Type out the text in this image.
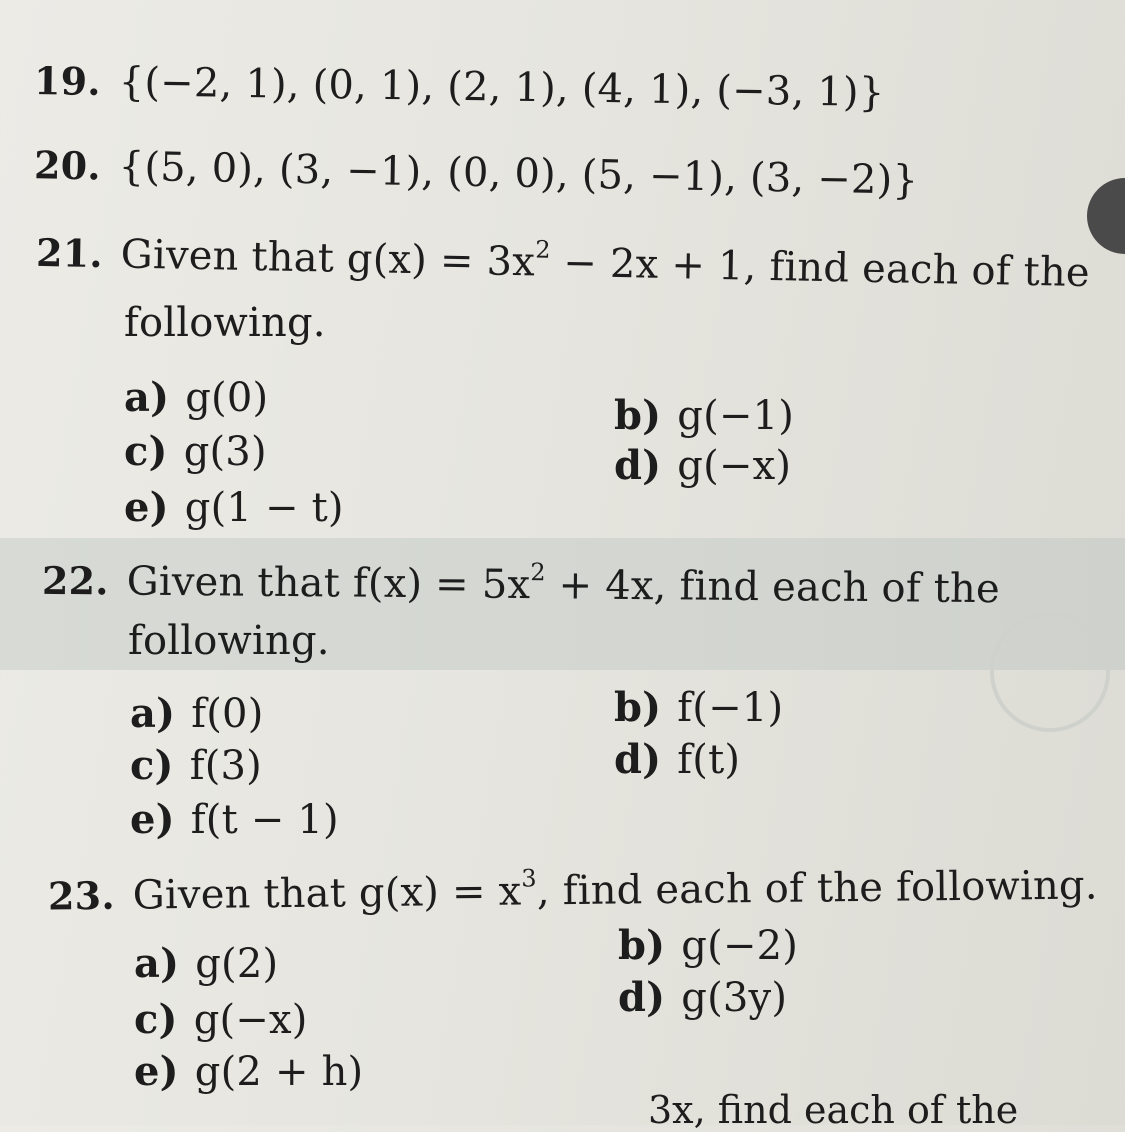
19. {(−2, 1), (0, 1), (2, 1), (4, 1), (−3, 1)}
20. {(5, 0), (3, −1), (0, 0), (5, −1), (3, −2)}
21. Given that $g(x) = 3x^2 - 2x + 1$, find each of the
following.
a) g(0)	b) g(−1)
c) g(3)	d) g(−x)
e) g(1 − t)
22. Given that $f(x) = 5x^2 + 4x$, find each of the
following.
a) f(0)	b) f(−1)
c) f(3)	d) f(t)
e) f(t − 1)
23. Given that $g(x) = x^3$, find each of the following.
a) g(2)	b) g(−2)
c) g(−x)	d) g(3y)
e) g(2 + h)
3x, find each of the
